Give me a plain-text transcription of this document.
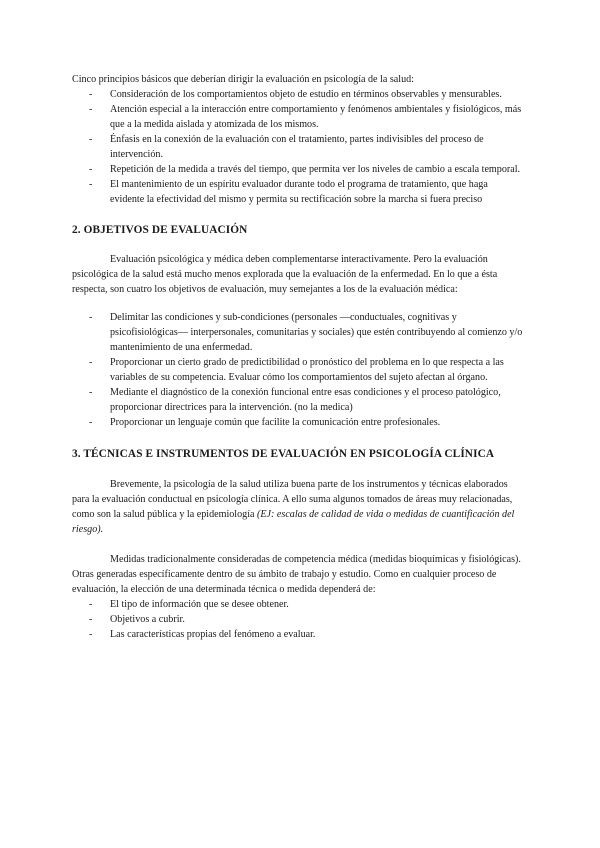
Cinco principios básicos que deberían dirigir la evaluación en psicología de la salud:

- Consideración de los comportamientos objeto de estudio en términos observables y mensurables.
- Atención especial a la interacción entre comportamiento y fenómenos ambientales y fisiológicos, más que a la medida aislada y atomizada de los mismos.
- Énfasis en la conexión de la evaluación con el tratamiento, partes indivisibles del proceso de intervención.
- Repetición de la medida a través del tiempo, que permita ver los niveles de cambio a escala temporal.
- El mantenimiento de un espíritu evaluador durante todo el programa de tratamiento, que haga evidente la efectividad del mismo y permita su rectificación sobre la marcha si fuera preciso
2. OBJETIVOS DE EVALUACIÓN

Evaluación psicológica y médica deben complementarse interactivamente. Pero la evaluación psicológica de la salud está mucho menos explorada que la evaluación de la enfermedad. En lo que a ésta respecta, son cuatro los objetivos de evaluación, muy semejantes a los de la evaluación médica:

- Delimitar las condiciones y sub-condiciones (personales —conductuales, cognitivas y psicofisiológicas— interpersonales, comunitarias y sociales) que estén contribuyendo al comienzo y/o mantenimiento de una enfermedad.
- Proporcionar un cierto grado de predictibilidad o pronóstico del problema en lo que respecta a las variables de su competencia. Evaluar cómo los comportamientos del sujeto afectan al órgano.
- Mediante el diagnóstico de la conexión funcional entre esas condiciones y el proceso patológico, proporcionar directrices para la intervención. (no la medica)
- Proporcionar un lenguaje común que facilite la comunicación entre profesionales.
3. TÉCNICAS E INSTRUMENTOS DE EVALUACIÓN EN PSICOLOGÍA CLÍNICA

Brevemente, la psicología de la salud utiliza buena parte de los instrumentos y técnicas elaborados para la evaluación conductual en psicología clínica. A ello suma algunos tomados de áreas muy relacionadas, como son la salud pública y la epidemiología (EJ: escalas de calidad de vida o medidas de cuantificación del riesgo).

Medidas tradicionalmente consideradas de competencia médica (medidas bioquímicas y fisiológicas). Otras generadas específicamente dentro de su ámbito de trabajo y estudio. Como en cualquier proceso de evaluación, la elección de una determinada técnica o medida dependerá de:

- El tipo de información que se desee obtener.
- Objetivos a cubrir.
- Las características propias del fenómeno a evaluar.
